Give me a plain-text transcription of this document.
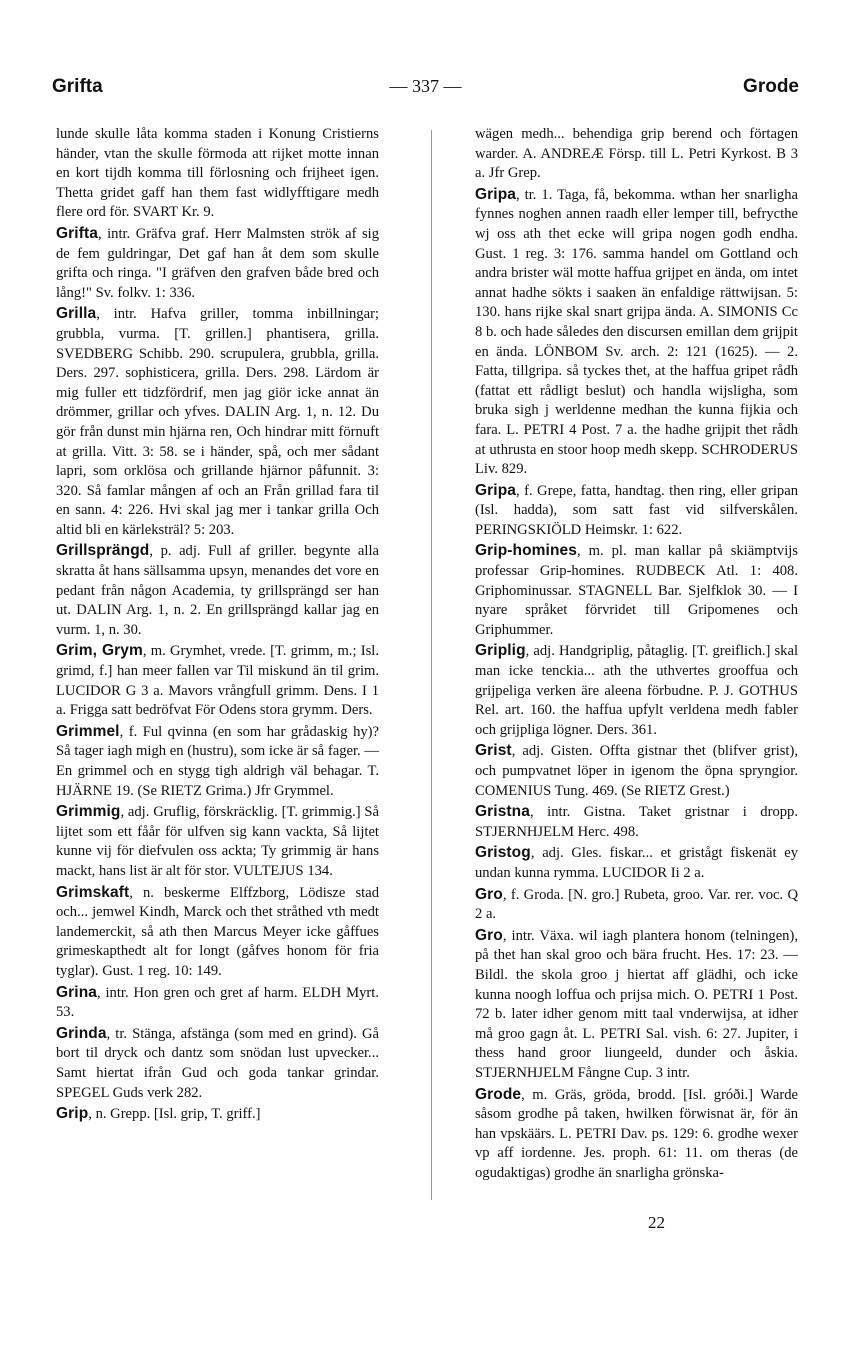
Grifta	— 337 —	Grode

lunde skulle låta komma staden i Konung Cristierns händer, vtan the skulle förmoda att rijket motte innan en kort tijdh komma till förlosning och frijheet igen. Thetta gridet gaff han them fast widlyfftigare medh flere ord för. SVART Kr. 9.

Grifta, intr. Gräfva graf. Herr Malmsten strök af sig de fem guldringar, Det gaf han åt dem som skulle grifta och ringa. "I gräfven den grafven både bred och lång!" Sv. folkv. 1: 336.

Grilla, intr. Hafva griller, tomma inbillningar; grubbla, vurma. [T. grillen.] phantisera, grilla. SVEDBERG Schibb. 290. scrupulera, grubbla, grilla. Ders. 297. sophisticera, grilla. Ders. 298. Lärdom är mig fuller ett tidzfördrif, men jag giör icke annat än drömmer, grillar och yfves. DALIN Arg. 1, n. 12. Du gör från dunst min hjärna ren, Och hindrar mitt förnuft at grilla. Vitt. 3: 58. se i händer, spå, och mer sådant lapri, som orklösa och grillande hjärnor påfunnit. 3: 320. Så famlar mången af och an Från grillad fara til en sann. 4: 226. Hvi skal jag mer i tankar grilla Och altid bli en kärleksträl? 5: 203.

Grillsprängd, p. adj. Full af griller. begynte alla skratta åt hans sällsamma upsyn, menandes det vore en pedant från någon Academia, ty grillsprängd ser han ut. DALIN Arg. 1, n. 2. En grillsprängd kallar jag en vurm. 1, n. 30.

Grim, Grym, m. Grymhet, vrede. [T. grimm, m.; Isl. grimd, f.] han meer fallen var Til miskund än til grim. LUCIDOR G 3 a. Mavors vrångfull grimm. Dens. I 1 a. Frigga satt bedröfvat För Odens stora grymm. Ders.

Grimmel, f. Ful qvinna (en som har grådaskig hy)? Så tager iagh migh en (hustru), som icke är så fager. — En grimmel och en stygg tigh aldrigh väl behagar. T. HJÄRNE 19. (Se RIETZ Grima.) Jfr Grymmel.

Grimmig, adj. Gruflig, förskräcklig. [T. grimmig.] Så lijtet som ett fåår för ulfven sig kann vackta, Så lijtet kunne vij för diefvulen oss ackta; Ty grimmig är hans mackt, hans list är alt för stor. VULTEJUS 134.

Grimskaft, n. beskerme Elffzborg, Lödisze stad och... jemwel Kindh, Marck och thet stråthed vth medt landemerckit, så ath then Marcus Meyer icke gåffues grimeskapthedt alt for longt (gåfves honom för fria tyglar). Gust. 1 reg. 10: 149.

Grina, intr. Hon gren och gret af harm. ELDH Myrt. 53.

Grinda, tr. Stänga, afstänga (som med en grind). Gå bort til dryck och dantz som snödan lust upvecker... Samt hiertat ifrån Gud och goda tankar grindar. SPEGEL Guds verk 282.

Grip, n. Grepp. [Isl. grip, T. griff.]

wägen medh... behendiga grip berend och förtagen warder. A. ANDREÆ Försp. till L. Petri Kyrkost. B 3 a. Jfr Grep.

Gripa, tr. 1. Taga, få, bekomma. wthan her snarligha fynnes noghen annen raadh eller lemper till, befrycthe wj oss ath thet ecke will gripa nogen godh endha. Gust. 1 reg. 3: 176. samma handel om Gottland och andra brister wäl motte haffua grijpet en ända, om intet annat hadhe sökts i saaken än enfaldige rättwijsan. 5: 130. hans rijke skal snart grijpa ända. A. SIMONIS Cc 8 b. och hade således den discursen emillan dem grijpit en ända. LÖNBOM Sv. arch. 2: 121 (1625). — 2. Fatta, tillgripa. så tyckes thet, at the haffua gripet rådh (fattat ett rådligt beslut) och handla wijsligha, som bruka sigh j werldenne medhan the kunna fijkia och fara. L. PETRI 4 Post. 7 a. the hadhe grijpit thet rådh at uthrusta en stoor hoop medh skepp. SCHRODERUS Liv. 829.

Gripa, f. Grepe, fatta, handtag. then ring, eller gripan (Isl. hadda), som satt fast vid silfverskålen. PERINGSKIÖLD Heimskr. 1: 622.

Grip-homines, m. pl. man kallar på skiämptvijs professar Grip-homines. RUDBECK Atl. 1: 408. Griphominussar. STAGNELL Bar. Sjelfklok 30. — I nyare språket förvridet till Gripomenes och Griphummer.

Griplig, adj. Handgriplig, påtaglig. [T. greiflich.] skal man icke tenckia... ath the uthvertes grooffua och grijpeliga verken äre aleena förbudne. P. J. GOTHUS Rel. art. 160. the haffua upfylt verldena medh fabler och grijpliga lögner. Ders. 361.

Grist, adj. Gisten. Offta gistnar thet (blifver grist), och pumpvatnet löper in igenom the öpna spryngior. COMENIUS Tung. 469. (Se RIETZ Grest.)

Gristna, intr. Gistna. Taket gristnar i dropp. STJERNHJELM Herc. 498.

Gristog, adj. Gles. fiskar... et gristågt fiskenät ey undan kunna rymma. LUCIDOR Ii 2 a.

Gro, f. Groda. [N. gro.] Rubeta, groo. Var. rer. voc. Q 2 a.

Gro, intr. Växa. wil iagh plantera honom (telningen), på thet han skal groo och bära frucht. Hes. 17: 23. — Bildl. the skola groo j hiertat aff glädhi, och icke kunna noogh loffua och prijsa mich. O. PETRI 1 Post. 72 b. later idher genom mitt taal vnderwijsa, at idher må groo gagn åt. L. PETRI Sal. vish. 6: 27. Jupiter, i thess hand groor liungeeld, dunder och åskia. STJERNHJELM Fångne Cup. 3 intr.

Grode, m. Gräs, gröda, brodd. [Isl. gróði.] Warde såsom grodhe på taken, hwilken förwisnat är, för än han vpskäärs. L. PETRI Dav. ps. 129: 6. grodhe wexer vp aff iordenne. Jes. proph. 61: 11. om theras (de ogudaktigas) grodhe än snarligha grönska-

22
